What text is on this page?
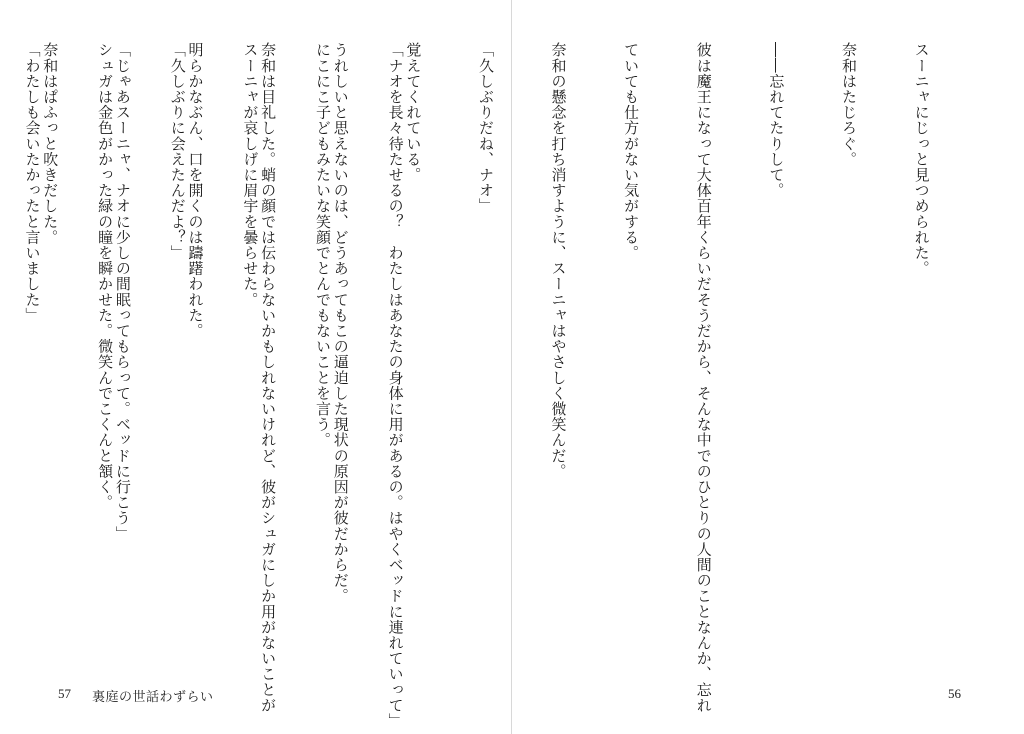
「ナオを長々待たせるの？　わたしはあなたの身体に用があるの。はやくベッドに連れていって」

にこにこ子どもみたいな笑顔でとんでもないことを言う。

スーニャが哀しげに眉宇を曇らせた。

「久しぶりに会えたんだよ？」

シュガは金色がかった緑の瞳を瞬かせた。微笑んでこくんと頷く。

「わたしも会いたかったと言いました」

57 裏庭の世話わずらい

スーニャにじっと見つめられた。

奈和はたじろぐ。

――忘れてたりして。

彼は魔王になって大体百年くらいだそうだから、そんな中でのひとりの人間のことなんか、忘れ

ていても仕方がない気がする。

奈和の懸念を打ち消すように、スーニャはやさしく微笑んだ。

「久しぶりだね、ナオ」

覚えてくれている。

うれしいと思えないのは、どうあってもこの逼迫した現状の原因が彼だからだ。

奈和は目礼した。蛸の顔では伝わらないかもしれないけれど、彼がシュガにしか用がないことが

明らかなぶん、口を開くのは躊躇われた。

「じゃあスーニャ、ナオに少しの間眠ってもらって。ベッドに行こう」

奈和はぱふっと吹きだした。

56
